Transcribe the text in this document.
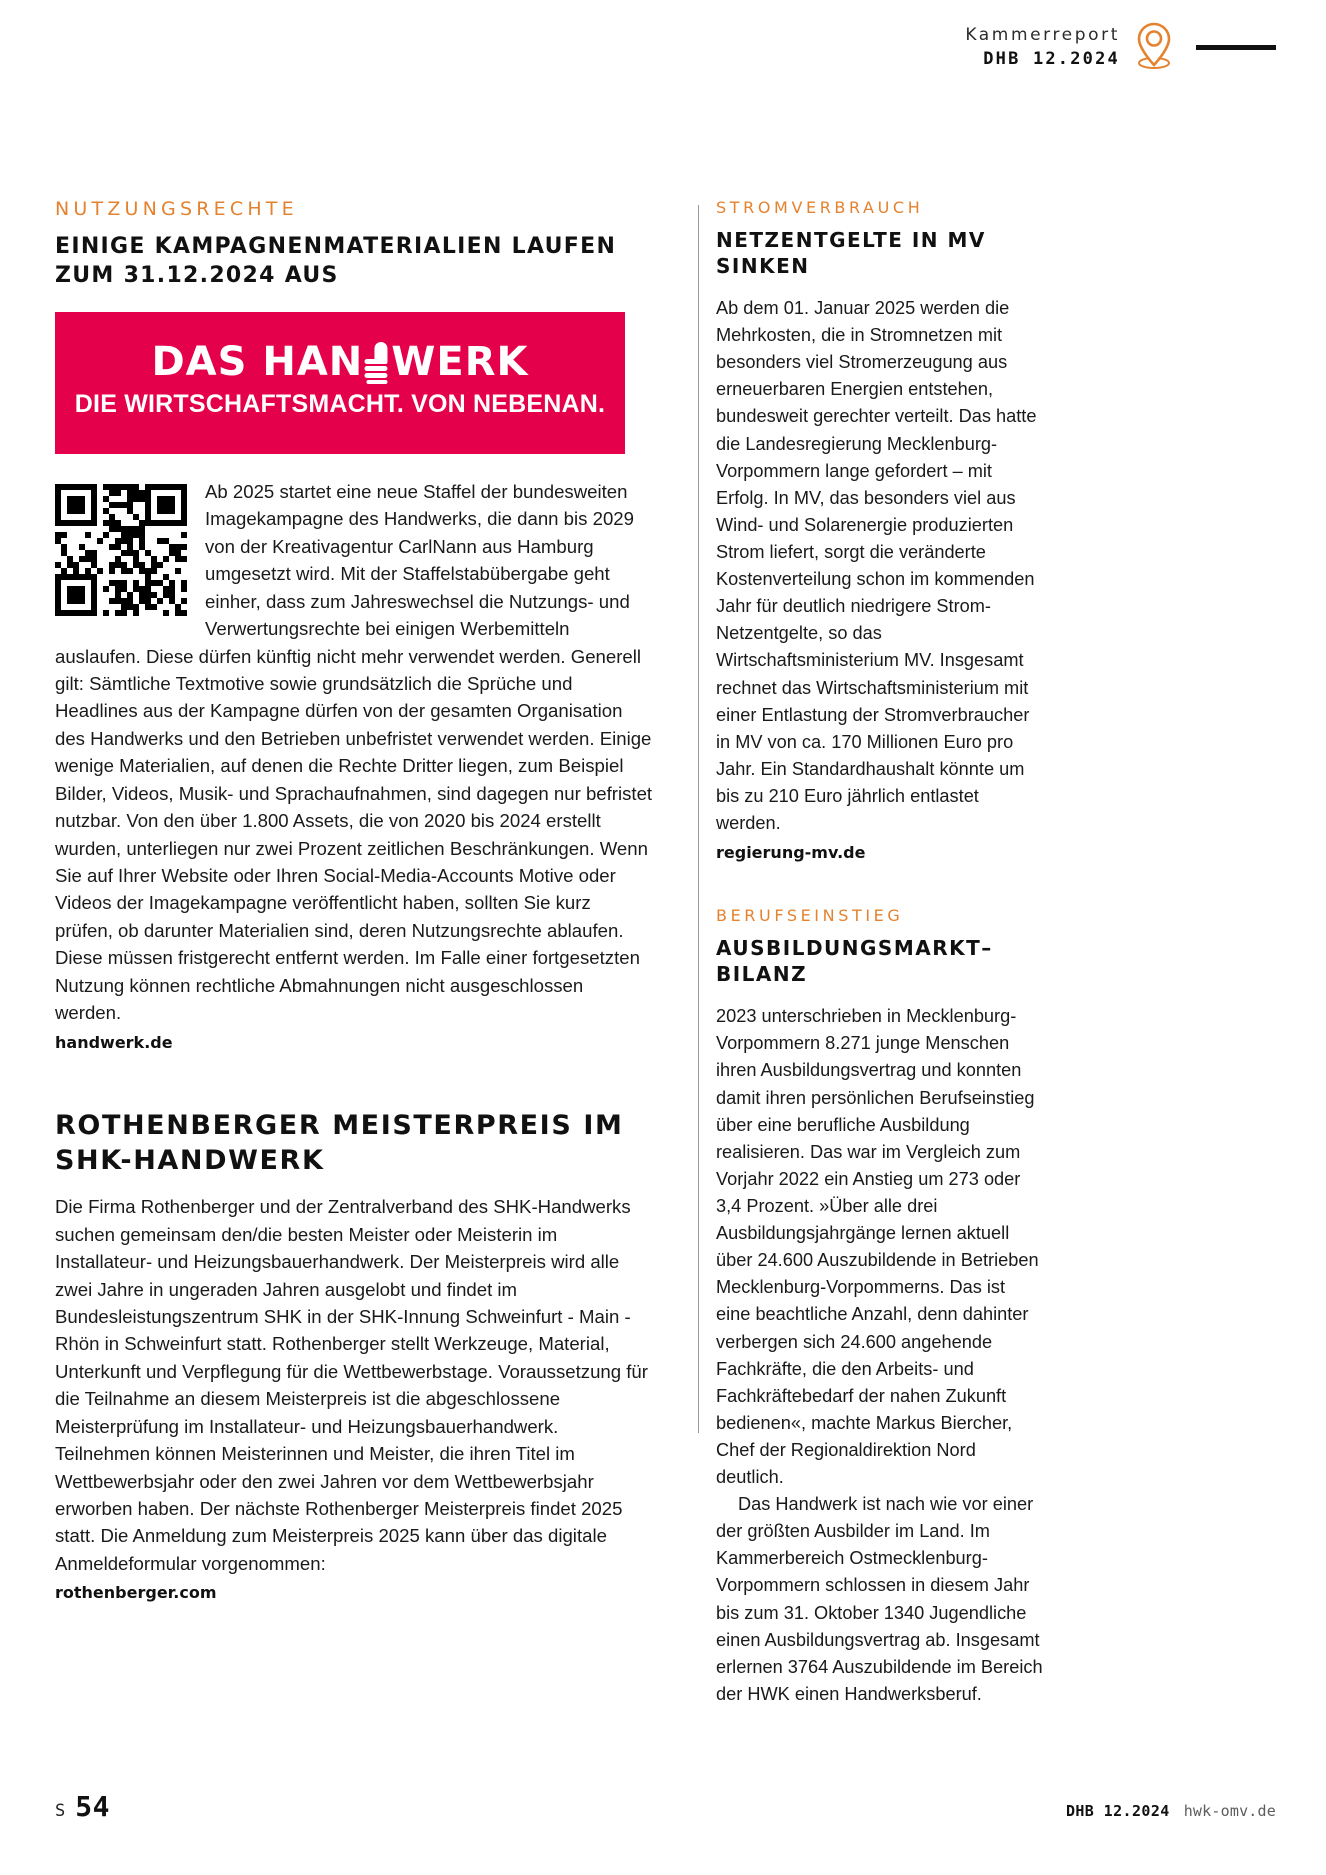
Kammerreport
DHB 12.2024
NUTZUNGSRECHTE
EINIGE KAMPAGNENMATERIALIEN LAUFEN ZUM 31.12.2024 AUS
DAS HAN WERK
DIE WIRTSCHAFTSMACHT. VON NEBENAN.

Ab 2025 startet eine neue Staffel der bundesweiten Imagekampagne des Handwerks, die dann bis 2029 von der Kreativagentur CarlNann aus Hamburg umgesetzt wird. Mit der Staffelstabübergabe geht einher, dass zum Jahreswechsel die Nutzungs- und Verwertungsrechte bei einigen Werbemitteln auslaufen. Diese dürfen künftig nicht mehr verwendet werden. Generell gilt: Sämtliche Textmotive sowie grundsätzlich die Sprüche und Headlines aus der Kampagne dürfen von der gesamten Organisation des Handwerks und den Betrieben unbefristet verwendet werden. Einige wenige Materialien, auf denen die Rechte Dritter liegen, zum Beispiel Bilder, Videos, Musik- und Sprachaufnahmen, sind dagegen nur befristet nutzbar. Von den über 1.800 Assets, die von 2020 bis 2024 erstellt wurden, unterliegen nur zwei Prozent zeitlichen Beschränkungen. Wenn Sie auf Ihrer Website oder Ihren Social-Media-Accounts Motive oder Videos der Imagekampagne veröffentlicht haben, sollten Sie kurz prüfen, ob darunter Materialien sind, deren Nutzungsrechte ablaufen. Diese müssen fristgerecht entfernt werden. Im Falle einer fortgesetzten Nutzung können rechtliche Abmahnungen nicht ausgeschlossen werden.

handwerk.de
ROTHENBERGER MEISTERPREIS IM SHK-HANDWERK

Die Firma Rothenberger und der Zentralverband des SHK-Handwerks suchen gemeinsam den/die besten Meister oder Meisterin im Installateur- und Heizungsbauerhandwerk. Der Meisterpreis wird alle zwei Jahre in ungeraden Jahren ausgelobt und findet im Bundesleistungszentrum SHK in der SHK-Innung Schweinfurt - Main - Rhön in Schweinfurt statt. Rothenberger stellt Werkzeuge, Material, Unterkunft und Verpflegung für die Wettbewerbstage. Voraussetzung für die Teilnahme an diesem Meisterpreis ist die abgeschlossene Meisterprüfung im Installateur- und Heizungsbauerhandwerk. Teilnehmen können Meisterinnen und Meister, die ihren Titel im Wettbewerbsjahr oder den zwei Jahren vor dem Wettbewerbsjahr erworben haben. Der nächste Rothenberger Meisterpreis findet 2025 statt. Die Anmeldung zum Meisterpreis 2025 kann über das digitale Anmeldeformular vorgenommen:

rothenberger.com
STROMVERBRAUCH
NETZENTGELTE IN MV SINKEN

Ab dem 01. Januar 2025 werden die Mehrkosten, die in Stromnetzen mit besonders viel Stromerzeugung aus erneuerbaren Energien entstehen, bundesweit gerechter verteilt. Das hatte die Landesregierung Mecklenburg-Vorpommern lange gefordert – mit Erfolg. In MV, das besonders viel aus Wind- und Solarenergie produzierten Strom liefert, sorgt die veränderte Kostenverteilung schon im kommenden Jahr für deutlich niedrigere Strom-Netzentgelte, so das Wirtschaftsministerium MV. Insgesamt rechnet das Wirtschaftsministerium mit einer Entlastung der Stromverbraucher in MV von ca. 170 Millionen Euro pro Jahr. Ein Standardhaushalt könnte um bis zu 210 Euro jährlich entlastet werden.

regierung-mv.de
BERUFSEINSTIEG
AUSBILDUNGSMARKT–BILANZ

2023 unterschrieben in Mecklenburg-Vorpommern 8.271 junge Menschen ihren Ausbildungsvertrag und konnten damit ihren persönlichen Berufseinstieg über eine berufliche Ausbildung realisieren. Das war im Vergleich zum Vorjahr 2022 ein Anstieg um 273 oder 3,4 Prozent. »Über alle drei Ausbildungsjahrgänge lernen aktuell über 24.600 Auszubildende in Betrieben Mecklenburg-Vorpommerns. Das ist eine beachtliche Anzahl, denn dahinter verbergen sich 24.600 angehende Fachkräfte, die den Arbeits- und Fachkräftebedarf der nahen Zukunft bedienen«, machte Markus Biercher, Chef der Regionaldirektion Nord deutlich.

Das Handwerk ist nach wie vor einer der größten Ausbilder im Land. Im Kammerbereich Ostmecklenburg-Vorpommern schlossen in diesem Jahr bis zum 31. Oktober 1340 Jugendliche einen Ausbildungsvertrag ab. Insgesamt erlernen 3764 Auszubildende im Bereich der HWK einen Handwerksberuf.

S 54	DHB 12.2024 hwk-omv.de
